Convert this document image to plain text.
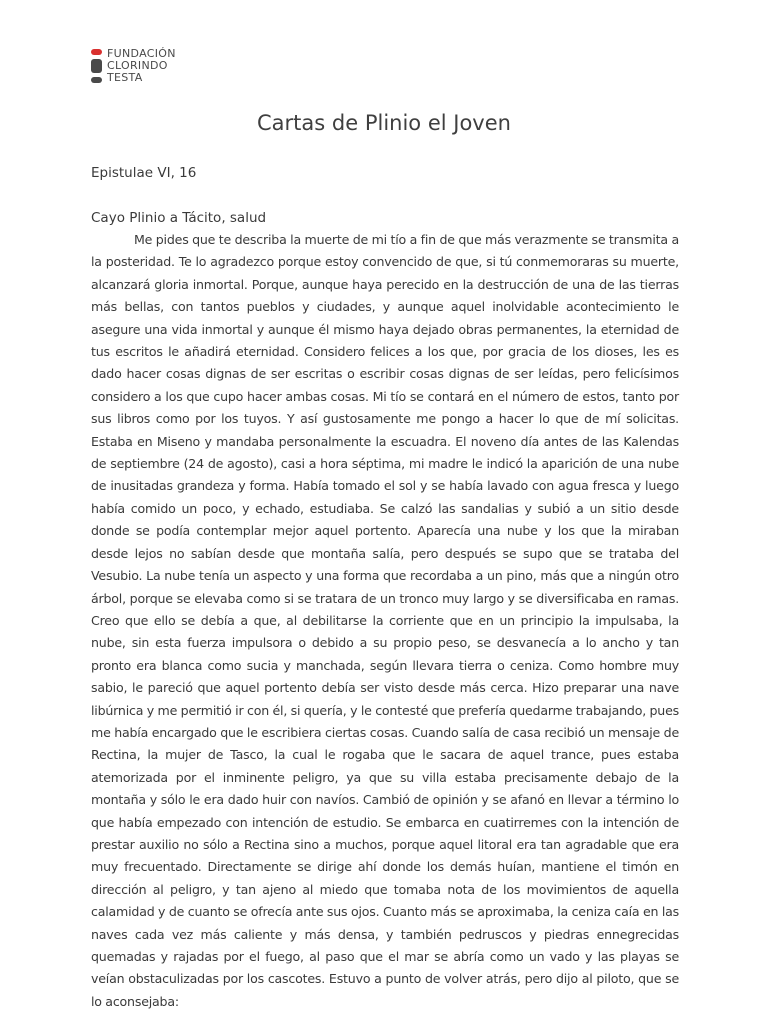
FUNDACIÓN
CLORINDO
TESTA
Cartas de Plinio el Joven

Epistulae VI, 16

Cayo Plinio a Tácito, salud

Me pides que te describa la muerte de mi tío a fin de que más verazmente se transmita a la posteridad. Te lo agradezco porque estoy convencido de que, si tú conmemoraras su muerte, alcanzará gloria inmortal. Porque, aunque haya perecido en la destrucción de una de las tierras más bellas, con tantos pueblos y ciudades, y aunque aquel inolvidable acontecimiento le asegure una vida inmortal y aunque él mismo haya dejado obras permanentes, la eternidad de tus escritos le añadirá eternidad. Considero felices a los que, por gracia de los dioses, les es dado hacer cosas dignas de ser escritas o escribir cosas dignas de ser leídas, pero felicísimos considero a los que cupo hacer ambas cosas. Mi tío se contará en el número de estos, tanto por sus libros como por los tuyos. Y así gustosamente me pongo a hacer lo que de mí solicitas. Estaba en Miseno y mandaba personalmente la escuadra. El noveno día antes de las Kalendas de septiembre (24 de agosto), casi a hora séptima, mi madre le indicó la aparición de una nube de inusitadas grandeza y forma. Había tomado el sol y se había lavado con agua fresca y luego había comido un poco, y echado, estudiaba. Se calzó las sandalias y subió a un sitio desde donde se podía contemplar mejor aquel portento. Aparecía una nube y los que la miraban desde lejos no sabían desde que montaña salía, pero después se supo que se trataba del Vesubio. La nube tenía un aspecto y una forma que recordaba a un pino, más que a ningún otro árbol, porque se elevaba como si se tratara de un tronco muy largo y se diversificaba en ramas. Creo que ello se debía a que, al debilitarse la corriente que en un principio la impulsaba, la nube, sin esta fuerza impulsora o debido a su propio peso, se desvanecía a lo ancho y tan pronto era blanca como sucia y manchada, según llevara tierra o ceniza. Como hombre muy sabio, le pareció que aquel portento debía ser visto desde más cerca. Hizo preparar una nave libúrnica y me permitió ir con él, si quería, y le contesté que prefería quedarme trabajando, pues me había encargado que le escribiera ciertas cosas. Cuando salía de casa recibió un mensaje de Rectina, la mujer de Tasco, la cual le rogaba que le sacara de aquel trance, pues estaba atemorizada por el inminente peligro, ya que su villa estaba precisamente debajo de la montaña y sólo le era dado huir con navíos. Cambió de opinión y se afanó en llevar a término lo que había empezado con intención de estudio. Se embarca en cuatirremes con la intención de prestar auxilio no sólo a Rectina sino a muchos, porque aquel litoral era tan agradable que era muy frecuentado. Directamente se dirige ahí donde los demás huían, mantiene el timón en dirección al peligro, y tan ajeno al miedo que tomaba nota de los movimientos de aquella calamidad y de cuanto se ofrecía ante sus ojos. Cuanto más se aproximaba, la ceniza caía en las naves cada vez más caliente y más densa, y también pedruscos y piedras ennegrecidas quemadas y rajadas por el fuego, al paso que el mar se abría como un vado y las playas se veían obstaculizadas por los cascotes. Estuvo a punto de volver atrás, pero dijo al piloto, que se lo aconsejaba:
